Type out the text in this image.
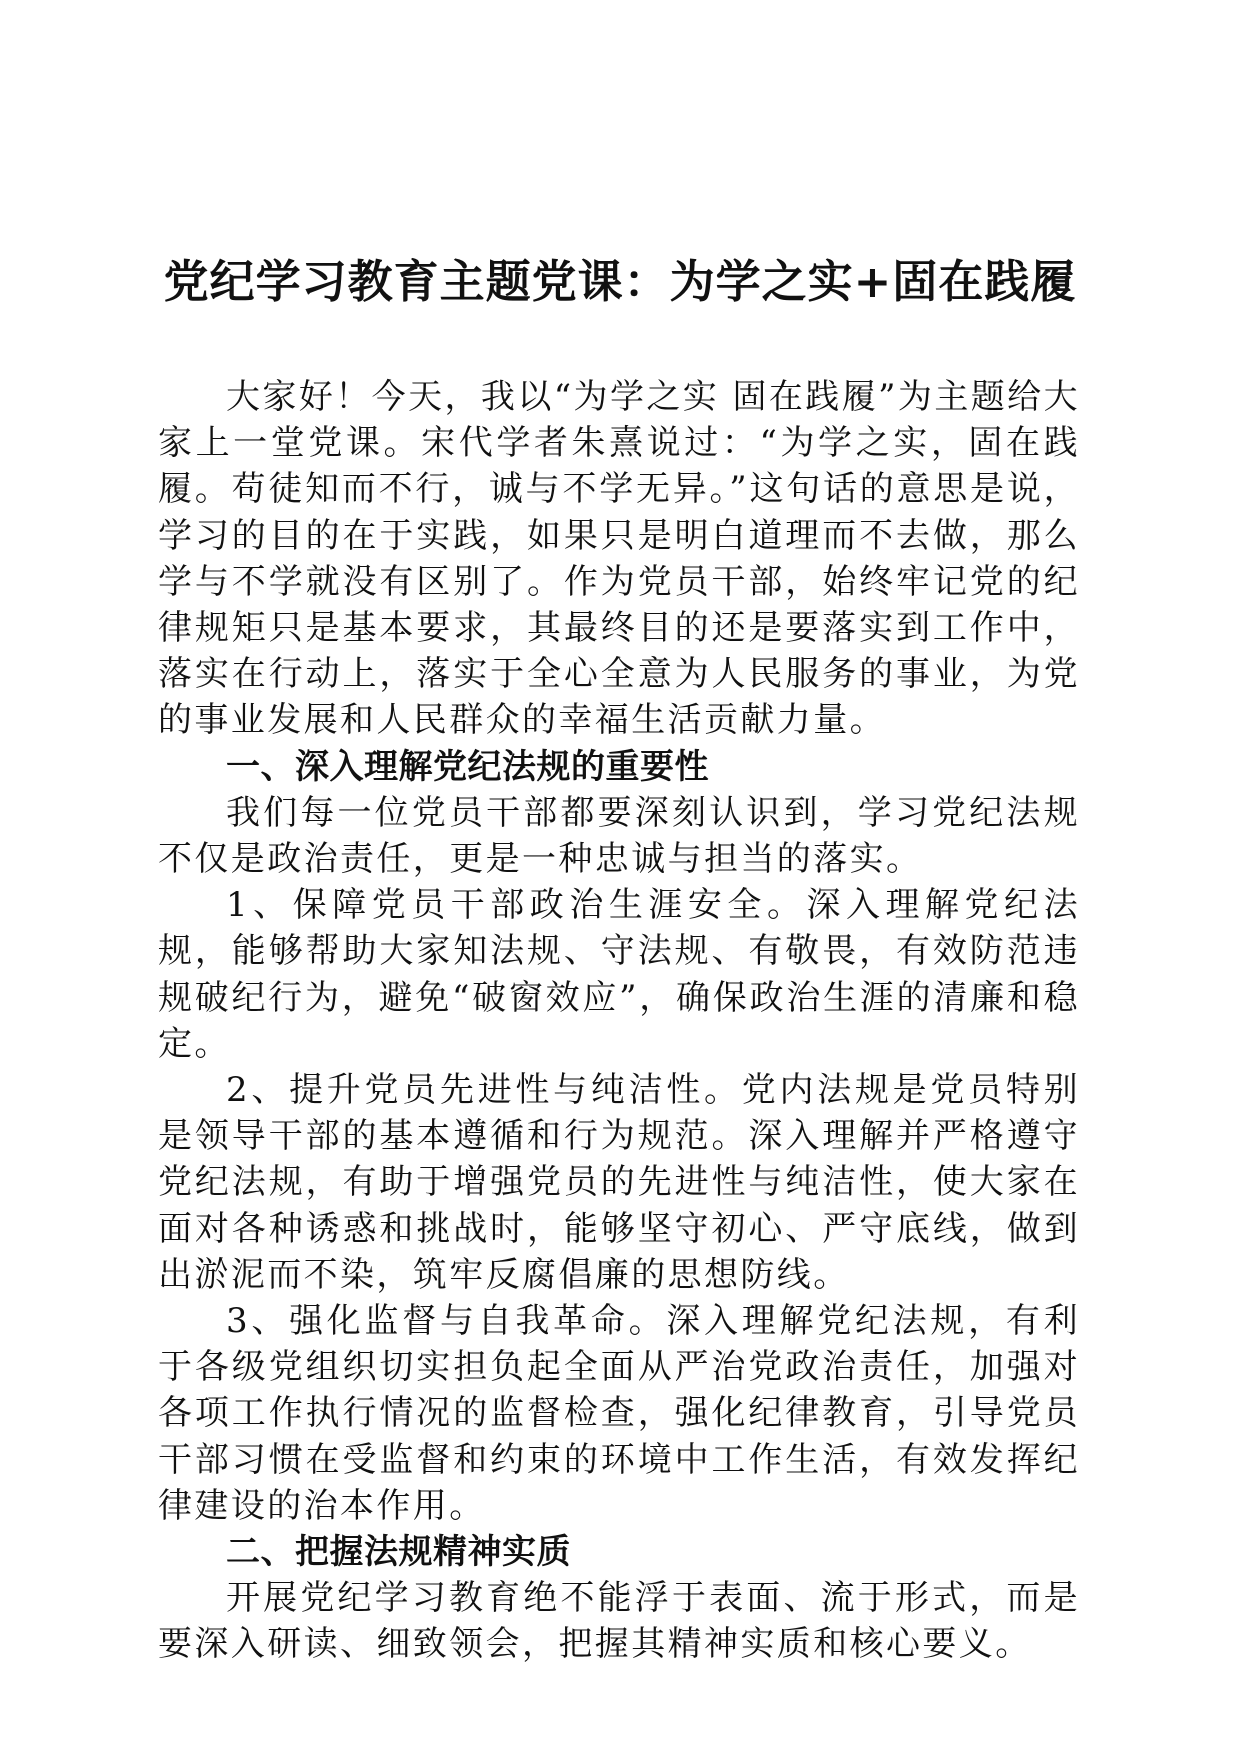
党纪学习教育主题党课：为学之实+固在践履

大家好！今天，我以“为学之实 固在践履”为主题给大家上一堂党课。宋代学者朱熹说过：“为学之实，固在践履。苟徒知而不行，诚与不学无异。”这句话的意思是说，学习的目的在于实践，如果只是明白道理而不去做，那么学与不学就没有区别了。作为党员干部，始终牢记党的纪律规矩只是基本要求，其最终目的还是要落实到工作中，落实在行动上，落实于全心全意为人民服务的事业，为党的事业发展和人民群众的幸福生活贡献力量。

一、深入理解党纪法规的重要性

我们每一位党员干部都要深刻认识到，学习党纪法规不仅是政治责任，更是一种忠诚与担当的落实。

1、保障党员干部政治生涯安全。深入理解党纪法规，能够帮助大家知法规、守法规、有敬畏，有效防范违规破纪行为，避免“破窗效应”，确保政治生涯的清廉和稳定。

2、提升党员先进性与纯洁性。党内法规是党员特别是领导干部的基本遵循和行为规范。深入理解并严格遵守党纪法规，有助于增强党员的先进性与纯洁性，使大家在面对各种诱惑和挑战时，能够坚守初心、严守底线，做到出淤泥而不染，筑牢反腐倡廉的思想防线。

3、强化监督与自我革命。深入理解党纪法规，有利于各级党组织切实担负起全面从严治党政治责任，加强对各项工作执行情况的监督检查，强化纪律教育，引导党员干部习惯在受监督和约束的环境中工作生活，有效发挥纪律建设的治本作用。

二、把握法规精神实质

开展党纪学习教育绝不能浮于表面、流于形式，而是要深入研读、细致领会，把握其精神实质和核心要义。
